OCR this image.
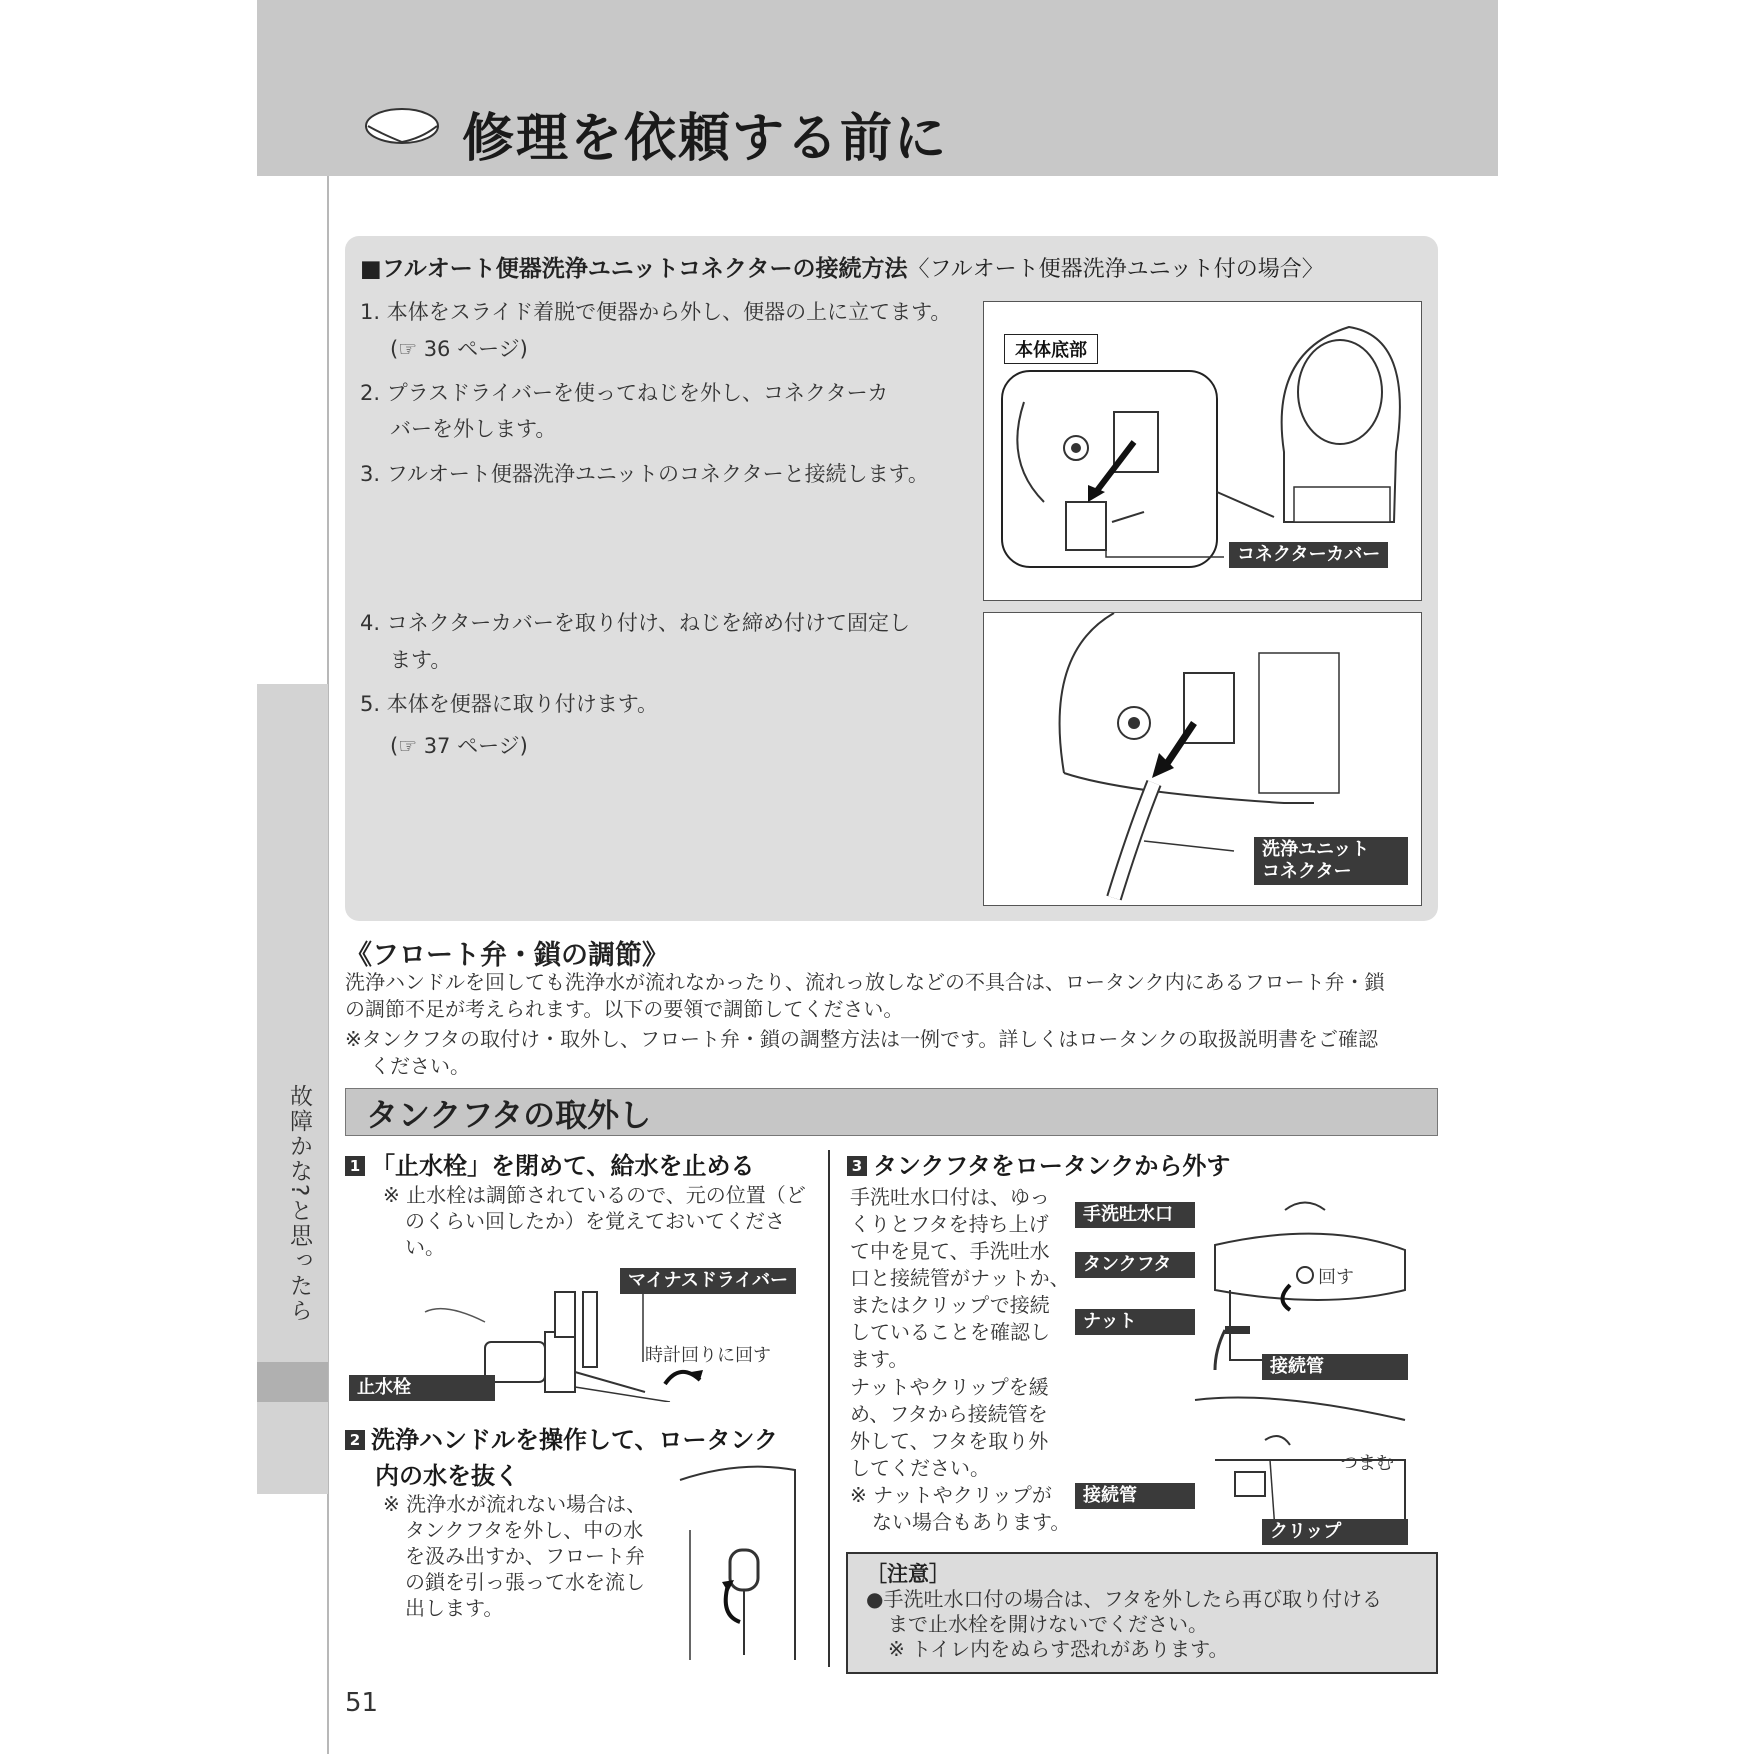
修理を依頼する前に
故障かな?と思ったら
■フルオート便器洗浄ユニットコネクターの接続方法〈フルオート便器洗浄ユニット付の場合〉
1. 本体をスライド着脱で便器から外し、便器の上に立てます。
(☞ 36 ページ)
2. プラスドライバーを使ってねじを外し、コネクターカ
バーを外します。
3. フルオート便器洗浄ユニットのコネクターと接続します。
4. コネクターカバーを取り付け、ねじを締め付けて固定し
ます。
5. 本体を便器に取り付けます。
(☞ 37 ページ)
本体底部
コネクターカバー
洗浄ユニット
コネクター
《フロート弁・鎖の調節》
洗浄ハンドルを回しても洗浄水が流れなかったり、流れっ放しなどの不具合は、ロータンク内にあるフロート弁・鎖
の調節不足が考えられます。以下の要領で調節してください。
※タンクフタの取付け・取外し、フロート弁・鎖の調整方法は一例です。詳しくはロータンクの取扱説明書をご確認
ください。
タンクフタの取外し
1 「止水栓」を閉めて、給水を止める
※ 止水栓は調節されているので、元の位置（ど
のくらい回したか）を覚えておいてくださ
い。
マイナスドライバー
時計回りに回す
止水栓
2 洗浄ハンドルを操作して、ロータンク
内の水を抜く
※ 洗浄水が流れない場合は、
タンクフタを外し、中の水
を汲み出すか、フロート弁
の鎖を引っ張って水を流し
出します。
3 タンクフタをロータンクから外す
手洗吐水口付は、ゆっ
くりとフタを持ち上げ
て中を見て、手洗吐水
口と接続管がナットか、
またはクリップで接続
していることを確認し
ます。
ナットやクリップを緩
め、フタから接続管を
外して、フタを取り外
してください。
※ ナットやクリップが
ない場合もあります。
手洗吐水口
タンクフタ
ナット
接続管
接続管
クリップ
回す
つまむ
［注意］
●手洗吐水口付の場合は、フタを外したら再び取り付ける
まで止水栓を開けないでください。
※ トイレ内をぬらす恐れがあります。
51
